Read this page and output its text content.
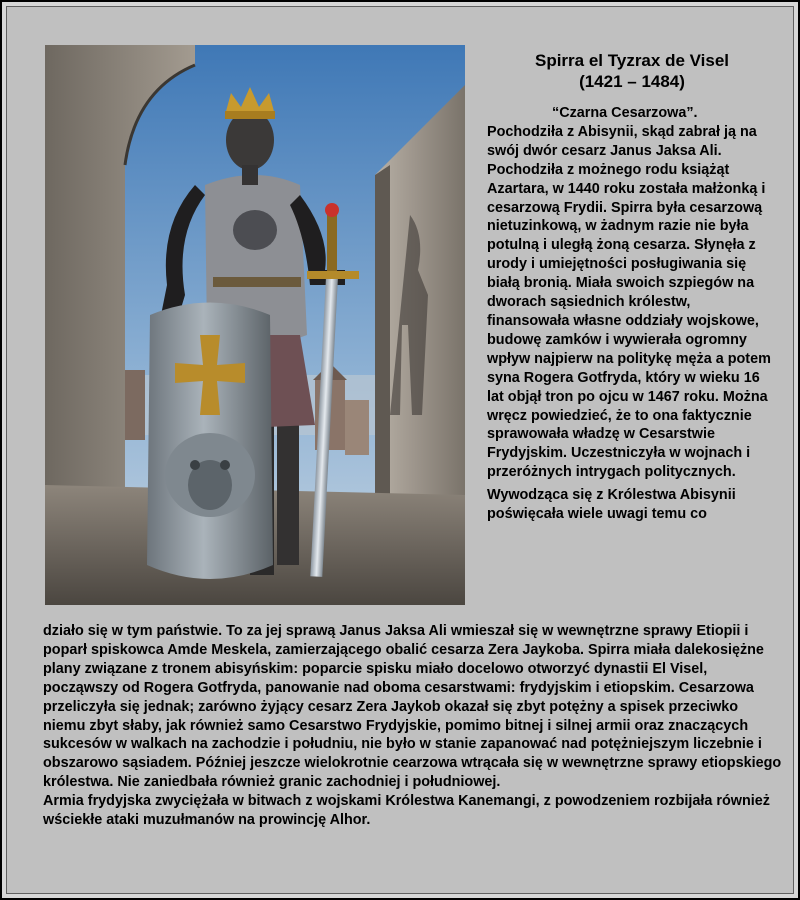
Spirra el Tyzrax de Visel
(1421 – 1484)

“Czarna Cesarzowa”. Pochodziła z Abisynii, skąd zabrał ją na swój dwór cesarz Janus Jaksa Ali. Pochodziła z możnego rodu książąt Azartara, w 1440 roku została małżonką i cesarzową Frydii. Spirra była cesarzową nietuzinkową, w żadnym razie nie była potulną i uległą żoną cesarza. Słynęła z urody i umiejętności posługiwania się białą bronią. Miała swoich szpiegów na dworach sąsiednich królestw, finansowała własne oddziały wojskowe, budowę zamków i wywierała ogromny wpływ najpierw na politykę męża a potem syna Rogera Gotfryda, który w wieku 16 lat objął tron po ojcu w 1467 roku. Można wręcz powiedzieć, że to ona faktycznie sprawowała władzę w Cesarstwie Frydyjskim. Uczestniczyła w wojnach i przeróżnych intrygach politycznych.

Wywodząca się z Królestwa Abisynii poświęcała wiele uwagi temu co

działo się w tym państwie. To za jej sprawą Janus Jaksa Ali wmieszał się w wewnętrzne sprawy Etiopii i poparł spiskowca Amde Meskela, zamierzającego obalić cesarza Zera Jaykoba. Spirra miała dalekosiężne plany związane z tronem abisyńskim: poparcie spisku miało docelowo otworzyć dynastii El Visel, począwszy od Rogera Gotfryda, panowanie nad oboma cesarstwami: frydyjskim i etiopskim. Cesarzowa przeliczyła się jednak; zarówno żyjący cesarz Zera Jaykob okazał się zbyt potężny a spisek przeciwko niemu zbyt słaby, jak również samo Cesarstwo Frydyjskie, pomimo bitnej i silnej armii oraz znaczących sukcesów w walkach na zachodzie i południu, nie było w stanie zapanować nad potężniejszym liczebnie i obszarowo sąsiadem. Później jeszcze wielokrotnie cearzowa wtrącała się w wewnętrzne sprawy etiopskiego królestwa. Nie zaniedbała również granic zachodniej i południowej.

Armia frydyjska zwyciężała w bitwach z wojskami Królestwa Kanemangi, z powodzeniem rozbijała również wściekłe ataki muzułmanów na prowincję Alhor.
